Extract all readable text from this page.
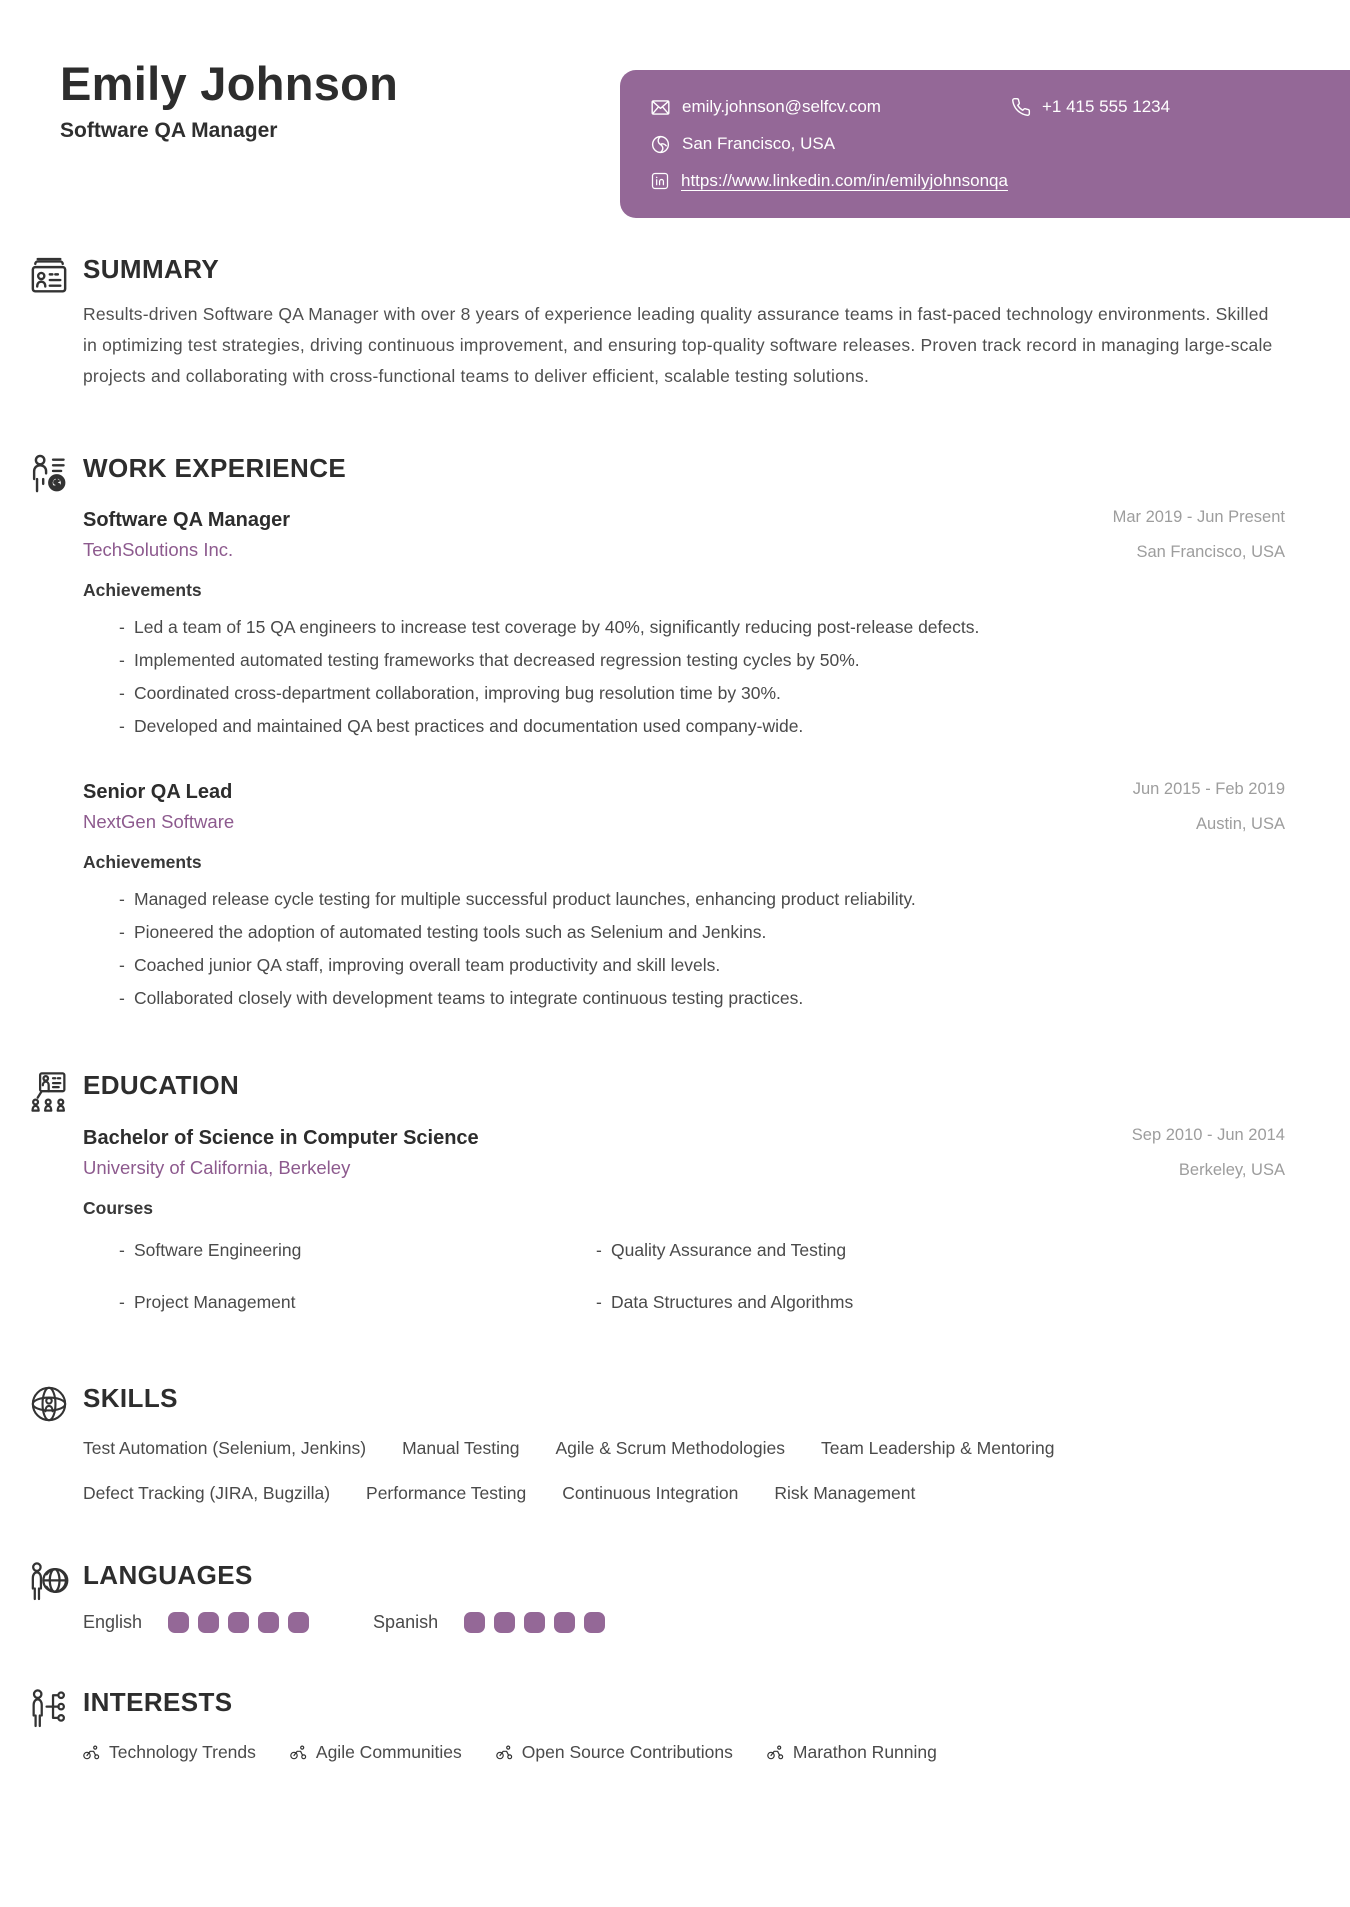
Emily Johnson
Software QA Manager
emily.johnson@selfcv.com	+1 415 555 1234
San Francisco, USA
https://www.linkedin.com/in/emilyjohnsonqa
SUMMARY

Results-driven Software QA Manager with over 8 years of experience leading quality assurance teams in fast-paced technology environments. Skilled in optimizing test strategies, driving continuous improvement, and ensuring top-quality software releases. Proven track record in managing large-scale projects and collaborating with cross-functional teams to deliver efficient, scalable testing solutions.

WORK EXPERIENCE
Software QA Manager
TechSolutions Inc.
Mar 2019 - Jun Present
San Francisco, USA
Achievements
- Led a team of 15 QA engineers to increase test coverage by 40%, significantly reducing post-release defects.
- Implemented automated testing frameworks that decreased regression testing cycles by 50%.
- Coordinated cross-department collaboration, improving bug resolution time by 30%.
- Developed and maintained QA best practices and documentation used company-wide.
Senior QA Lead
NextGen Software
Jun 2015 - Feb 2019
Austin, USA
Achievements
- Managed release cycle testing for multiple successful product launches, enhancing product reliability.
- Pioneered the adoption of automated testing tools such as Selenium and Jenkins.
- Coached junior QA staff, improving overall team productivity and skill levels.
- Collaborated closely with development teams to integrate continuous testing practices.
EDUCATION
Bachelor of Science in Computer Science
University of California, Berkeley
Sep 2010 - Jun 2014
Berkeley, USA
Courses
- Software Engineering	- Quality Assurance and Testing
- Project Management	- Data Structures and Algorithms
SKILLS
Test Automation (Selenium, Jenkins) Manual Testing Agile & Scrum Methodologies Team Leadership & Mentoring
Defect Tracking (JIRA, Bugzilla) Performance Testing Continuous Integration Risk Management
LANGUAGES
English	Spanish
INTERESTS
Technology Trends	Agile Communities	Open Source Contributions	Marathon Running
